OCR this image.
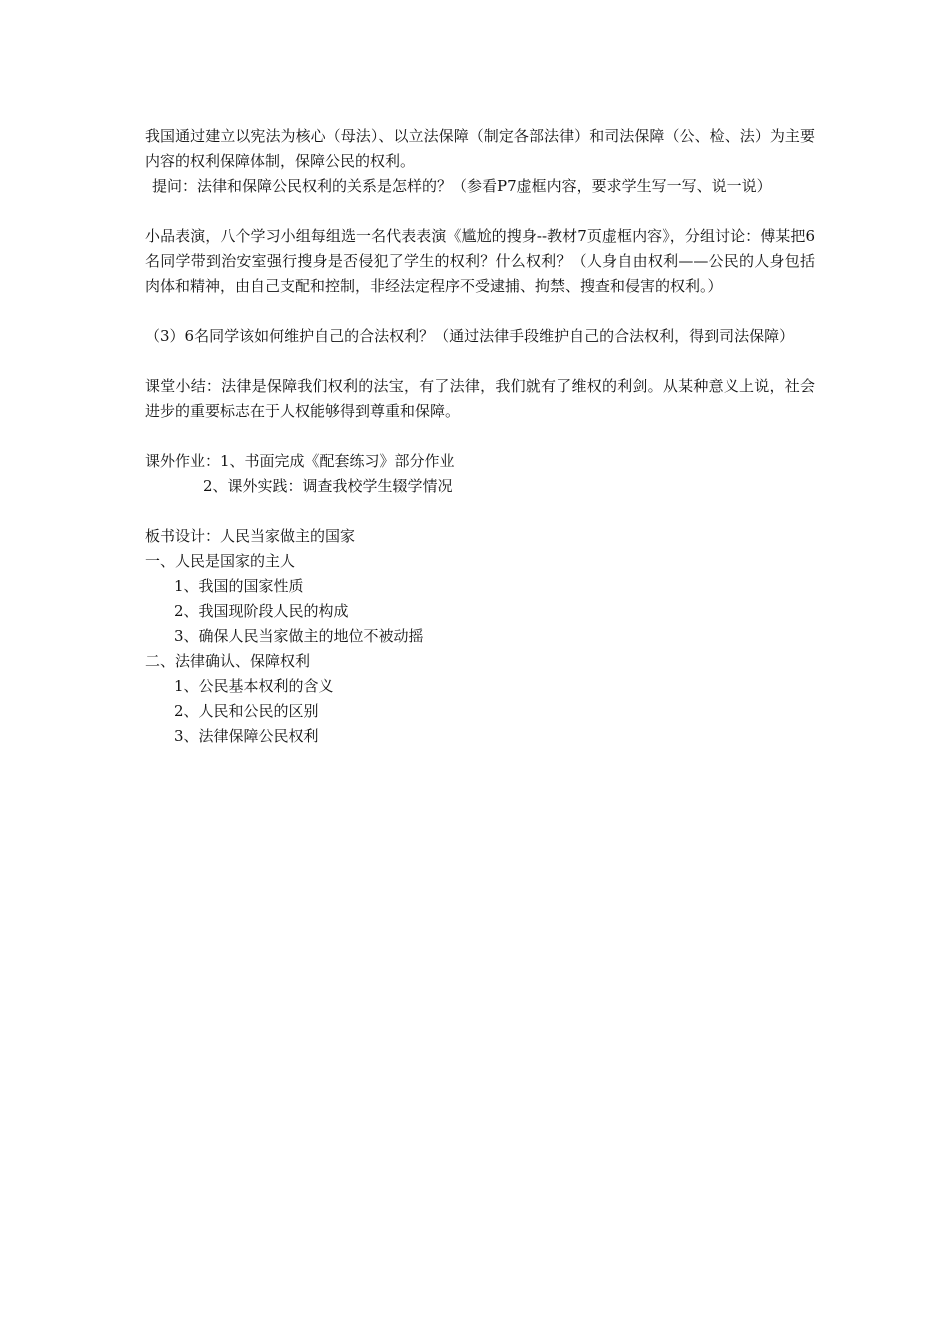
我国通过建立以宪法为核心（母法）、以立法保障（制定各部法律）和司法保障（公、检、法）为主要内容的权利保障体制，保障公民的权利。

提问：法律和保障公民权利的关系是怎样的？（参看P7虚框内容，要求学生写一写、说一说）

小品表演，八个学习小组每组选一名代表表演《尴尬的搜身--教材7页虚框内容》，分组讨论：傅某把6名同学带到治安室强行搜身是否侵犯了学生的权利？什么权利？（人身自由权利——公民的人身包括肉体和精神，由自己支配和控制，非经法定程序不受逮捕、拘禁、搜查和侵害的权利。）

（3）6名同学该如何维护自己的合法权利？（通过法律手段维护自己的合法权利，得到司法保障）

课堂小结：法律是保障我们权利的法宝，有了法律，我们就有了维权的利剑。从某种意义上说，社会进步的重要标志在于人权能够得到尊重和保障。

课外作业：1、书面完成《配套练习》部分作业

2、课外实践：调查我校学生辍学情况

板书设计：人民当家做主的国家

一、人民是国家的主人

1、我国的国家性质

2、我国现阶段人民的构成

3、确保人民当家做主的地位不被动摇

二、法律确认、保障权利

1、公民基本权利的含义

2、人民和公民的区别

3、法律保障公民权利
